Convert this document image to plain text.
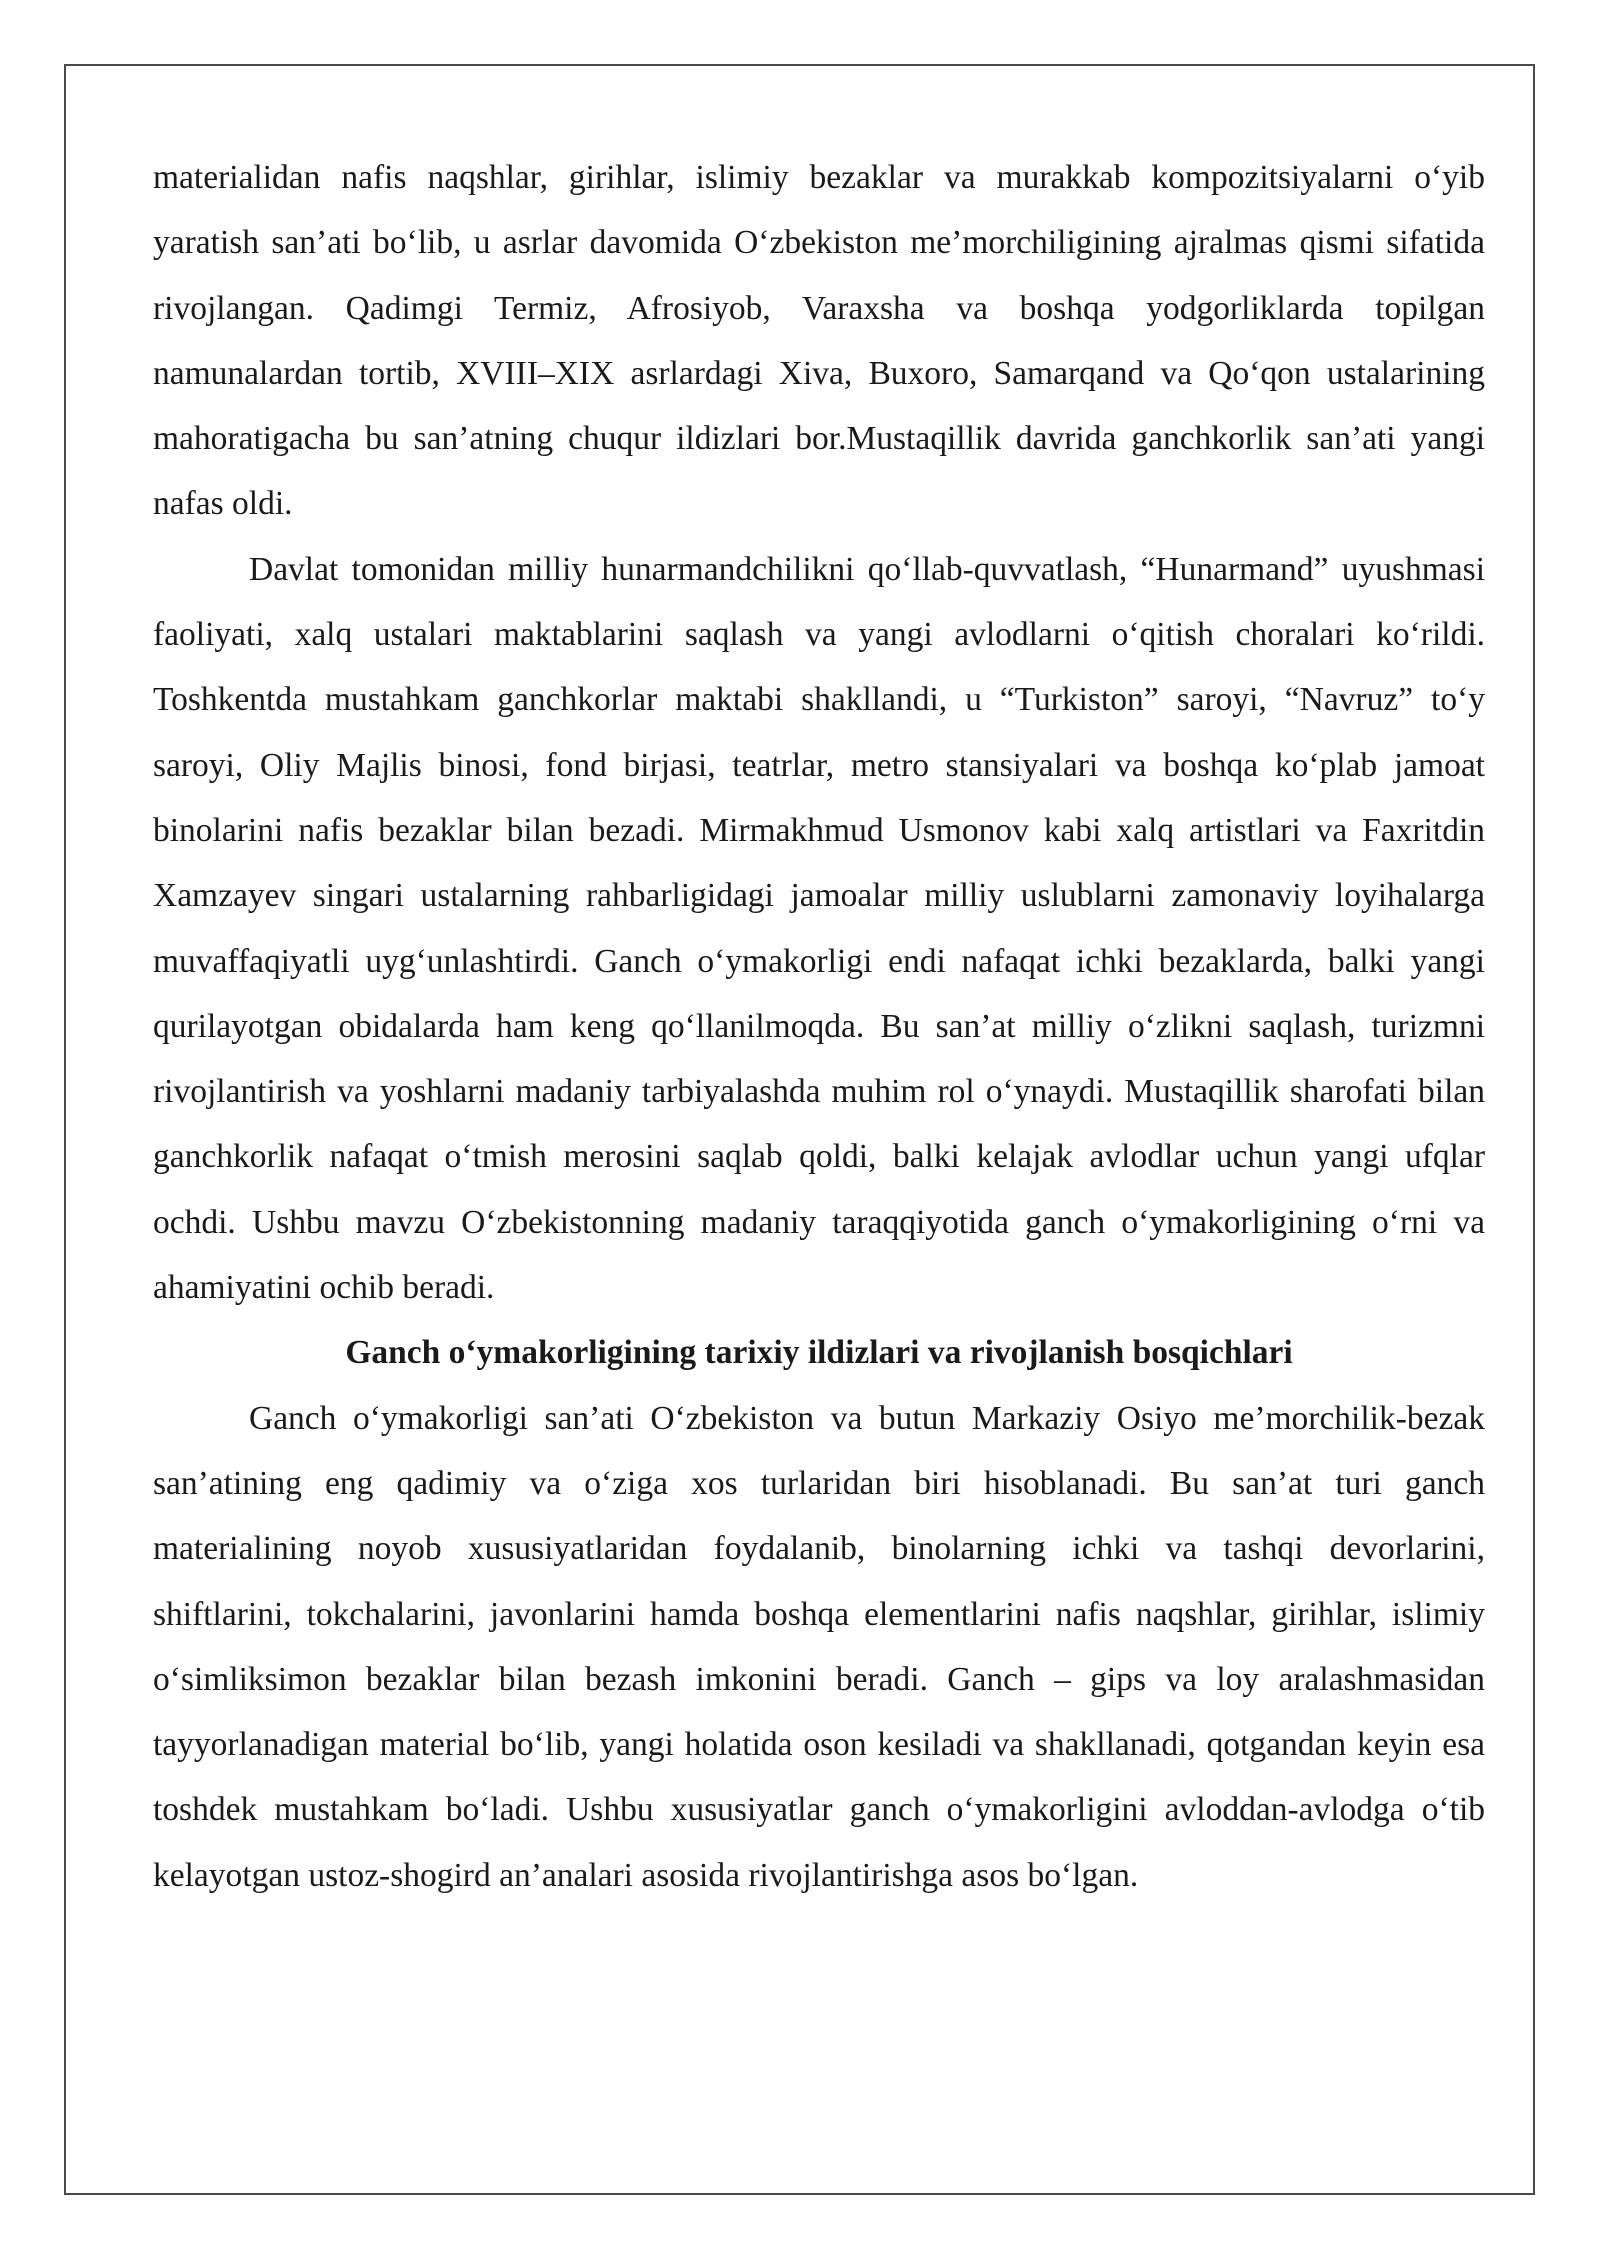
materialidan nafis naqshlar, girihlar, islimiy bezaklar va murakkab kompozitsiyalarni o‘yib yaratish san’ati bo‘lib, u asrlar davomida O‘zbekiston me’morchiligining ajralmas qismi sifatida rivojlangan. Qadimgi Termiz, Afrosiyob, Varaxsha va boshqa yodgorliklarda topilgan namunalardan tortib, XVIII–XIX asrlardagi Xiva, Buxoro, Samarqand va Qo‘qon ustalarining mahoratigacha bu san’atning chuqur ildizlari bor.Mustaqillik davrida ganchkorlik san’ati yangi nafas oldi.

Davlat tomonidan milliy hunarmandchilikni qo‘llab-quvvatlash, “Hunarmand” uyushmasi faoliyati, xalq ustalari maktablarini saqlash va yangi avlodlarni o‘qitish choralari ko‘rildi. Toshkentda mustahkam ganchkorlar maktabi shakllandi, u “Turkiston” saroyi, “Navruz” to‘y saroyi, Oliy Majlis binosi, fond birjasi, teatrlar, metro stansiyalari va boshqa ko‘plab jamoat binolarini nafis bezaklar bilan bezadi. Mirmakhmud Usmonov kabi xalq artistlari va Faxritdin Xamzayev singari ustalarning rahbarligidagi jamoalar milliy uslublarni zamonaviy loyihalarga muvaffaqiyatli uyg‘unlashtirdi. Ganch o‘ymakorligi endi nafaqat ichki bezaklarda, balki yangi qurilayotgan obidalarda ham keng qo‘llanilmoqda. Bu san’at milliy o‘zlikni saqlash, turizmni rivojlantirish va yoshlarni madaniy tarbiyalashda muhim rol o‘ynaydi. Mustaqillik sharofati bilan ganchkorlik nafaqat o‘tmish merosini saqlab qoldi, balki kelajak avlodlar uchun yangi ufqlar ochdi. Ushbu mavzu O‘zbekistonning madaniy taraqqiyotida ganch o‘ymakorligining o‘rni va ahamiyatini ochib beradi.

Ganch o‘ymakorligining tarixiy ildizlari va rivojlanish bosqichlari

Ganch o‘ymakorligi san’ati O‘zbekiston va butun Markaziy Osiyo me’morchilik-bezak san’atining eng qadimiy va o‘ziga xos turlaridan biri hisoblanadi. Bu san’at turi ganch materialining noyob xususiyatlaridan foydalanib, binolarning ichki va tashqi devorlarini, shiftlarini, tokchalarini, javonlarini hamda boshqa elementlarini nafis naqshlar, girihlar, islimiy o‘simliksimon bezaklar bilan bezash imkonini beradi. Ganch – gips va loy aralashmasidan tayyorlanadigan material bo‘lib, yangi holatida oson kesiladi va shakllanadi, qotgandan keyin esa toshdek mustahkam bo‘ladi. Ushbu xususiyatlar ganch o‘ymakorligini avloddan-avlodga o‘tib kelayotgan ustoz-shogird an’analari asosida rivojlantirishga asos bo‘lgan.
